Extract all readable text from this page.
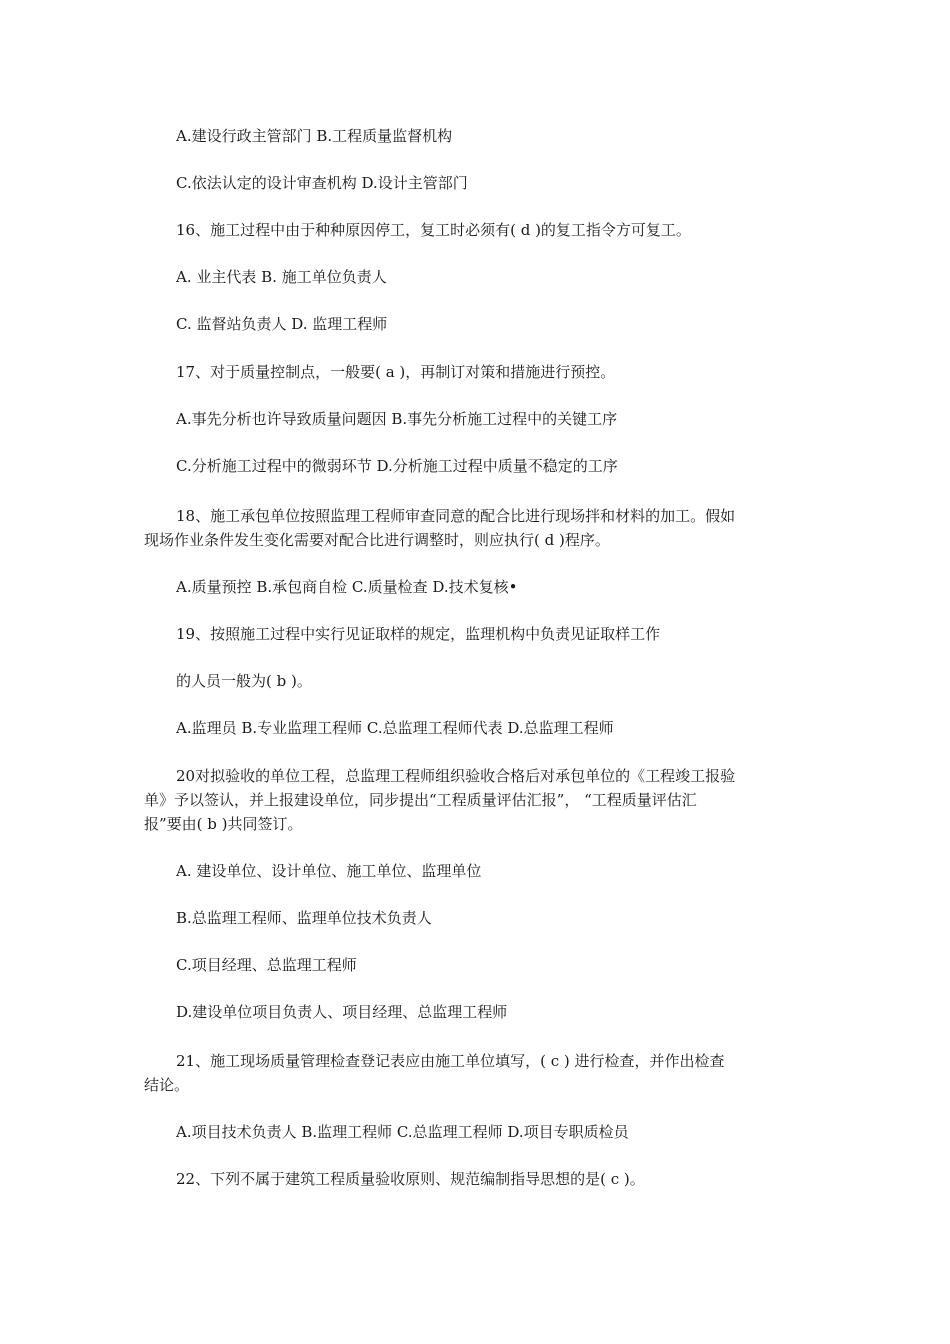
A.建设行政主管部门 B.工程质量监督机构

C.依法认定的设计审查机构 D.设计主管部门

16、施工过程中由于种种原因停工，复工时必须有( d )的复工指令方可复工。

A. 业主代表 B. 施工单位负责人

C. 监督站负责人 D. 监理工程师

17、对于质量控制点，一般要( a )，再制订对策和措施进行预控。

A.事先分析也许导致质量问题因 B.事先分析施工过程中的关键工序

C.分析施工过程中的微弱环节 D.分析施工过程中质量不稳定的工序

18、施工承包单位按照监理工程师审查同意的配合比进行现场拌和材料的加工。假如

现场作业条件发生变化需要对配合比进行调整时，则应执行( d )程序。

A.质量预控 B.承包商自检 C.质量检查 D.技术复核•

19、按照施工过程中实行见证取样的规定，监理机构中负责见证取样工作

的人员一般为( b )。

A.监理员 B.专业监理工程师 C.总监理工程师代表 D.总监理工程师

20对拟验收的单位工程，总监理工程师组织验收合格后对承包单位的《工程竣工报验

单》予以签认，并上报建设单位，同步提出“工程质量评估汇报”， “工程质量评估汇

报”要由( b )共同签订。

A. 建设单位、设计单位、施工单位、监理单位

B.总监理工程师、监理单位技术负责人

C.项目经理、总监理工程师

D.建设单位项目负责人、项目经理、总监理工程师

21、施工现场质量管理检查登记表应由施工单位填写，( c ) 进行检查，并作出检查

结论。

A.项目技术负责人 B.监理工程师 C.总监理工程师 D.项目专职质检员

22、下列不属于建筑工程质量验收原则、规范编制指导思想的是( c )。
